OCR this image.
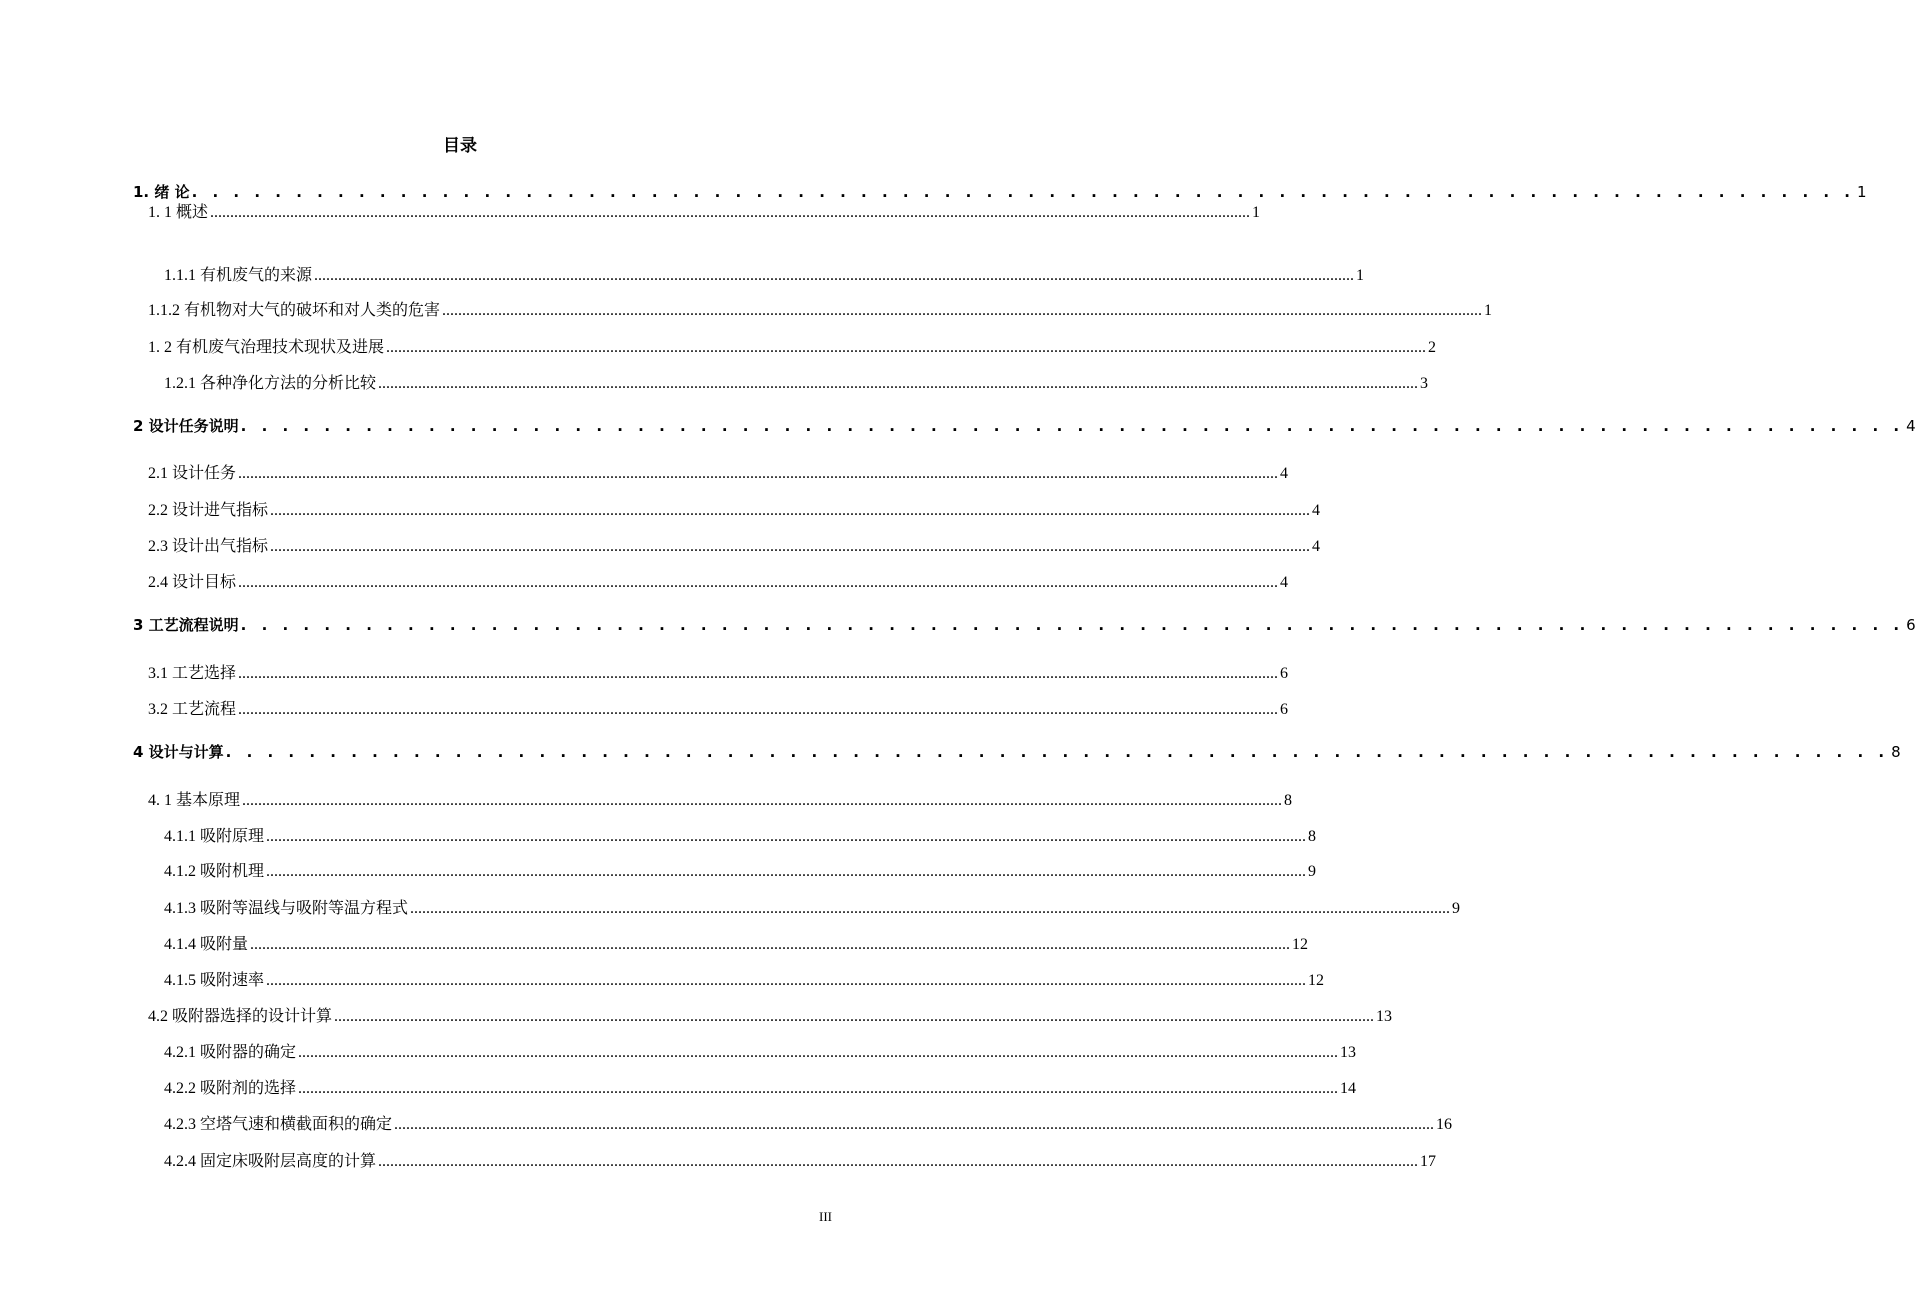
目录
1. 绪 论 . . . . . . . . . . . . . . . . . . . . . . . . . . . . . . . . . . . . . . . . . . . . . . . . . . . . . . . . . . . . . . . . . . . . . . . . . . . . . . . . 1
1. 1 概述 .................................................................................................................................................................................................................................................................... 1
1.1.1 有机废气的来源 .................................................................................................................................................................................................................................................................... 1
1.1.2 有机物对大气的破坏和对人类的危害 .................................................................................................................................................................................................................................................................... 1
1. 2 有机废气治理技术现状及进展 .................................................................................................................................................................................................................................................................... 2
1.2.1 各种净化方法的分析比较 .................................................................................................................................................................................................................................................................... 3
2 设计任务说明 . . . . . . . . . . . . . . . . . . . . . . . . . . . . . . . . . . . . . . . . . . . . . . . . . . . . . . . . . . . . . . . . . . . . . . . . . . . . . . . . 4
2.1 设计任务 .................................................................................................................................................................................................................................................................... 4
2.2 设计进气指标 .................................................................................................................................................................................................................................................................... 4
2.3 设计出气指标 .................................................................................................................................................................................................................................................................... 4
2.4 设计目标 .................................................................................................................................................................................................................................................................... 4
3 工艺流程说明 . . . . . . . . . . . . . . . . . . . . . . . . . . . . . . . . . . . . . . . . . . . . . . . . . . . . . . . . . . . . . . . . . . . . . . . . . . . . . . . . 6
3.1 工艺选择 .................................................................................................................................................................................................................................................................... 6
3.2 工艺流程 .................................................................................................................................................................................................................................................................... 6
4 设计与计算 . . . . . . . . . . . . . . . . . . . . . . . . . . . . . . . . . . . . . . . . . . . . . . . . . . . . . . . . . . . . . . . . . . . . . . . . . . . . . . . . 8
4. 1 基本原理 .................................................................................................................................................................................................................................................................... 8
4.1.1 吸附原理 .................................................................................................................................................................................................................................................................... 8
4.1.2 吸附机理 .................................................................................................................................................................................................................................................................... 9
4.1.3 吸附等温线与吸附等温方程式 .................................................................................................................................................................................................................................................................... 9
4.1.4 吸附量 .................................................................................................................................................................................................................................................................... 12
4.1.5 吸附速率 .................................................................................................................................................................................................................................................................... 12
4.2 吸附器选择的设计计算 .................................................................................................................................................................................................................................................................... 13
4.2.1 吸附器的确定 .................................................................................................................................................................................................................................................................... 13
4.2.2 吸附剂的选择 .................................................................................................................................................................................................................................................................... 14
4.2.3 空塔气速和横截面积的确定 .................................................................................................................................................................................................................................................................... 16
4.2.4 固定床吸附层高度的计算 .................................................................................................................................................................................................................................................................... 17
III
